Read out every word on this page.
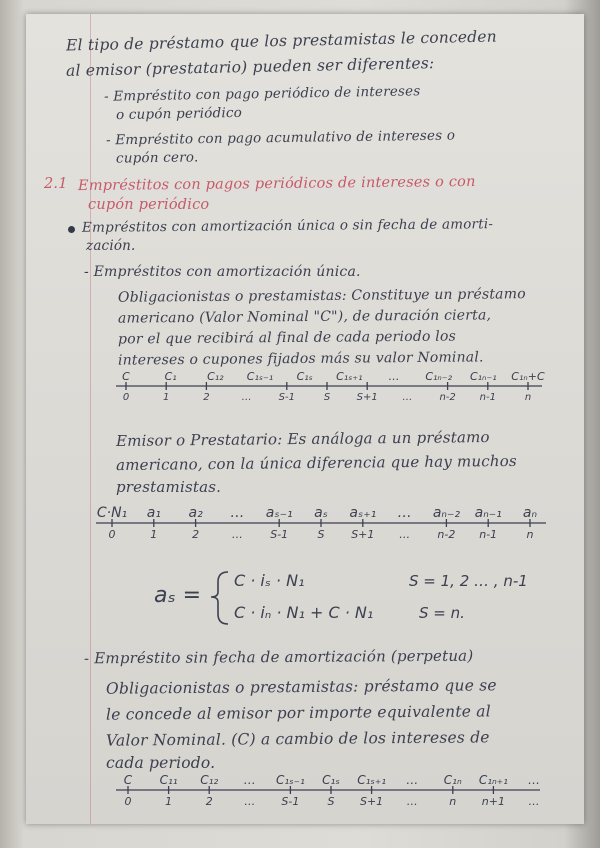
El tipo de préstamo que los prestamistas le conceden
al emisor (prestatario) pueden ser diferentes:
- Empréstito con pago periódico de intereses
o cupón periódico
- Empréstito con pago acumulativo de intereses o
cupón cero.
2.1 Empréstitos con pagos periódicos de intereses o con
cupón periódico
Empréstitos con amortización única o sin fecha de amorti-
zación.
- Empréstitos con amortización única.
Obligacionistas o prestamistas: Constituye un préstamo
americano (Valor Nominal "C"), de duración cierta,
por el que recibirá al final de cada periodo los
intereses o cupones fijados más su valor Nominal.
C	C₁	C₁₂ C₁ₛ₋₁ C₁ₛ C₁ₛ₊₁ … C₁ₙ₋₂ C₁ₙ₋₁ C₁ₙ+C
0	1	2	…	S-1	S	S+1 …	n-2 n-1	n
Emisor o Prestatario: Es análoga a un préstamo
americano, con la única diferencia que hay muchos
prestamistas.
C·N₁ a₁ a₂ … aₛ₋₁ aₛ aₛ₊₁ … aₙ₋₂ aₙ₋₁ aₙ
0	1	2	… S-1	S S+1 … n-2 n-1	n
aₛ =
C · iₛ · N₁	S = 1, 2 … , n-1
C · iₙ · N₁ + C · N₁	S = n.
- Empréstito sin fecha de amortización (perpetua)
Obligacionistas o prestamistas: préstamo que se
le concede al emisor por importe equivalente al
Valor Nominal. (C) a cambio de los intereses de
cada periodo.
C C₁₁ C₁₂ … C₁ₛ₋₁ C₁ₛ C₁ₛ₊₁ … C₁ₙ C₁ₙ₊₁ …
0	1	2	… S-1	S S+1 …	n n+1 …
